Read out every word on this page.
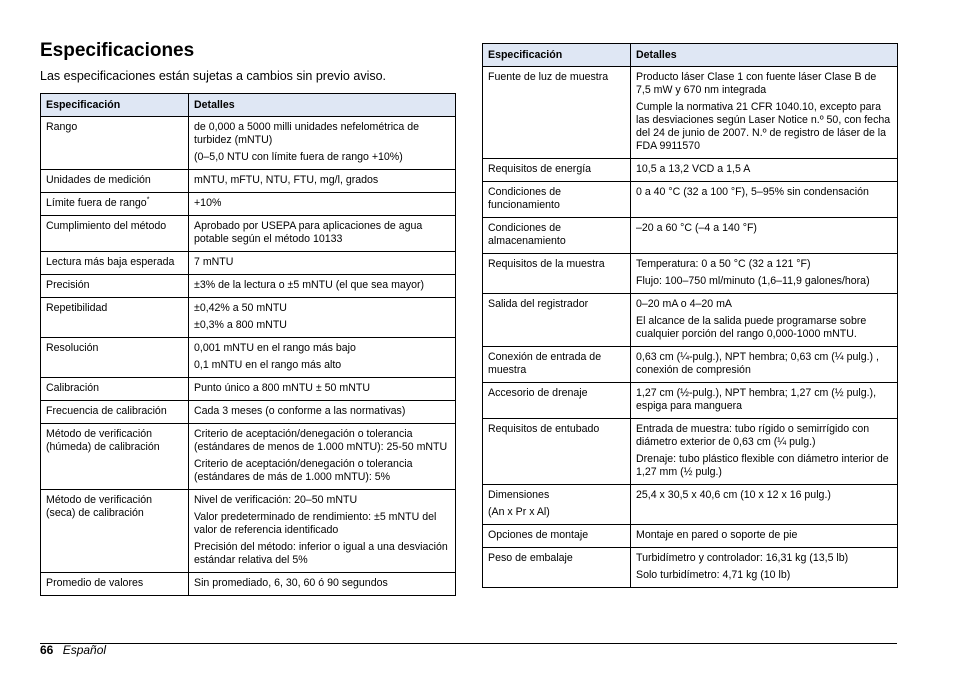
Especificaciones

Las especificaciones están sujetas a cambios sin previo aviso.

Especificación	Detalles

Rango	de 0,000 a 5000 milli unidades nefelométrica de turbidez (mNTU)
(0–5,0 NTU con límite fuera de rango +10%)

Unidades de medición	mNTU, mFTU, NTU, FTU, mg/l, grados

Límite fuera de rango*	+10%

Cumplimiento del método	Aprobado por USEPA para aplicaciones de agua potable según el método 10133

Lectura más baja esperada	7 mNTU

Precisión	±3% de la lectura o ±5 mNTU (el que sea mayor)

Repetibilidad	±0,42% a 50 mNTU
±0,3% a 800 mNTU

Resolución	0,001 mNTU en el rango más bajo
0,1 mNTU en el rango más alto

Calibración	Punto único a 800 mNTU ± 50 mNTU

Frecuencia de calibración	Cada 3 meses (o conforme a las normativas)

Método de verificación (húmeda) de calibración	Criterio de aceptación/denegación o tolerancia (estándares de menos de 1.000 mNTU): 25-50 mNTU
Criterio de aceptación/denegación o tolerancia (estándares de más de 1.000 mNTU): 5%

Método de verificación (seca) de calibración	Nivel de verificación: 20–50 mNTU
Valor predeterminado de rendimiento: ±5 mNTU del valor de referencia identificado
Precisión del método: inferior o igual a una desviación estándar relativa del 5%

Promedio de valores	Sin promediado, 6, 30, 60 ó 90 segundos
Especificación	Detalles

Fuente de luz de muestra	Producto láser Clase 1 con fuente láser Clase B de 7,5 mW y 670 nm integrada
Cumple la normativa 21 CFR 1040.10, excepto para las desviaciones según Laser Notice n.º 50, con fecha del 24 de junio de 2007. N.º de registro de láser de la FDA 9911570

Requisitos de energía	10,5 a 13,2 VCD a 1,5 A

Condiciones de funcionamiento	0 a 40 °C (32 a 100 °F), 5–95% sin condensación

Condiciones de almacenamiento	–20 a 60 °C (–4 a 140 °F)

Requisitos de la muestra	Temperatura: 0 a 50 °C (32 a 121 °F)
Flujo: 100–750 ml/minuto (1,6–11,9 galones/hora)

Salida del registrador	0–20 mA o 4–20 mA
El alcance de la salida puede programarse sobre cualquier porción del rango 0,000-1000 mNTU.

Conexión de entrada de muestra	0,63 cm (¼-pulg.), NPT hembra; 0,63 cm (¼ pulg.) , conexión de compresión

Accesorio de drenaje	1,27 cm (½-pulg.), NPT hembra; 1,27 cm (½ pulg.), espiga para manguera

Requisitos de entubado	Entrada de muestra: tubo rígido o semirrígido con diámetro exterior de 0,63 cm (¼ pulg.)
Drenaje: tubo plástico flexible con diámetro interior de 1,27 mm (½ pulg.)

Dimensiones
(An x Pr x Al)	25,4 x 30,5 x 40,6 cm (10 x 12 x 16 pulg.)

Opciones de montaje	Montaje en pared o soporte de pie

Peso de embalaje	Turbidímetro y controlador: 16,31 kg (13,5 lb)
Solo turbidímetro: 4,71 kg (10 lb)
66 Español
